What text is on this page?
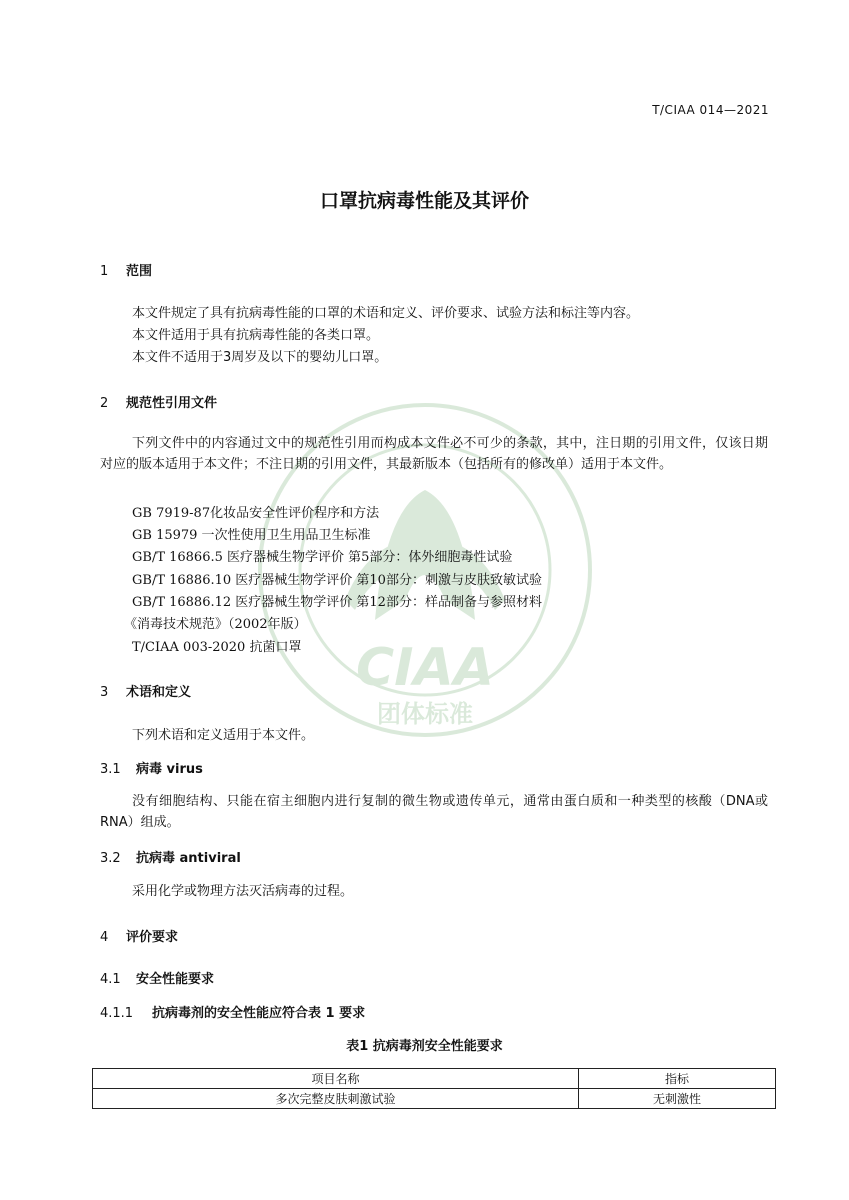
CIAA
团体标准
T/CIAA 014—2021
口罩抗病毒性能及其评价
1 范围
本文件规定了具有抗病毒性能的口罩的术语和定义、评价要求、试验方法和标注等内容。
本文件适用于具有抗病毒性能的各类口罩。
本文件不适用于3周岁及以下的婴幼儿口罩。
2 规范性引用文件
下列文件中的内容通过文中的规范性引用而构成本文件必不可少的条款，其中，注日期的引用文件，仅该日期对应的版本适用于本文件；不注日期的引用文件，其最新版本（包括所有的修改单）适用于本文件。
GB 7919-87化妆品安全性评价程序和方法
GB 15979 一次性使用卫生用品卫生标准
GB/T 16866.5 医疗器械生物学评价 第5部分：体外细胞毒性试验
GB/T 16886.10 医疗器械生物学评价 第10部分：刺激与皮肤致敏试验
GB/T 16886.12 医疗器械生物学评价 第12部分：样品制备与参照材料
《消毒技术规范》（2002年版）
T/CIAA 003-2020 抗菌口罩
3 术语和定义
下列术语和定义适用于本文件。
3.1 病毒 virus
没有细胞结构、只能在宿主细胞内进行复制的微生物或遗传单元，通常由蛋白质和一种类型的核酸（DNA或RNA）组成。
3.2 抗病毒 antiviral
采用化学或物理方法灭活病毒的过程。
4 评价要求
4.1 安全性能要求
4.1.1 抗病毒剂的安全性能应符合表 1 要求
表1 抗病毒剂安全性能要求
项目名称	指标
多次完整皮肤刺激试验	无刺激性
